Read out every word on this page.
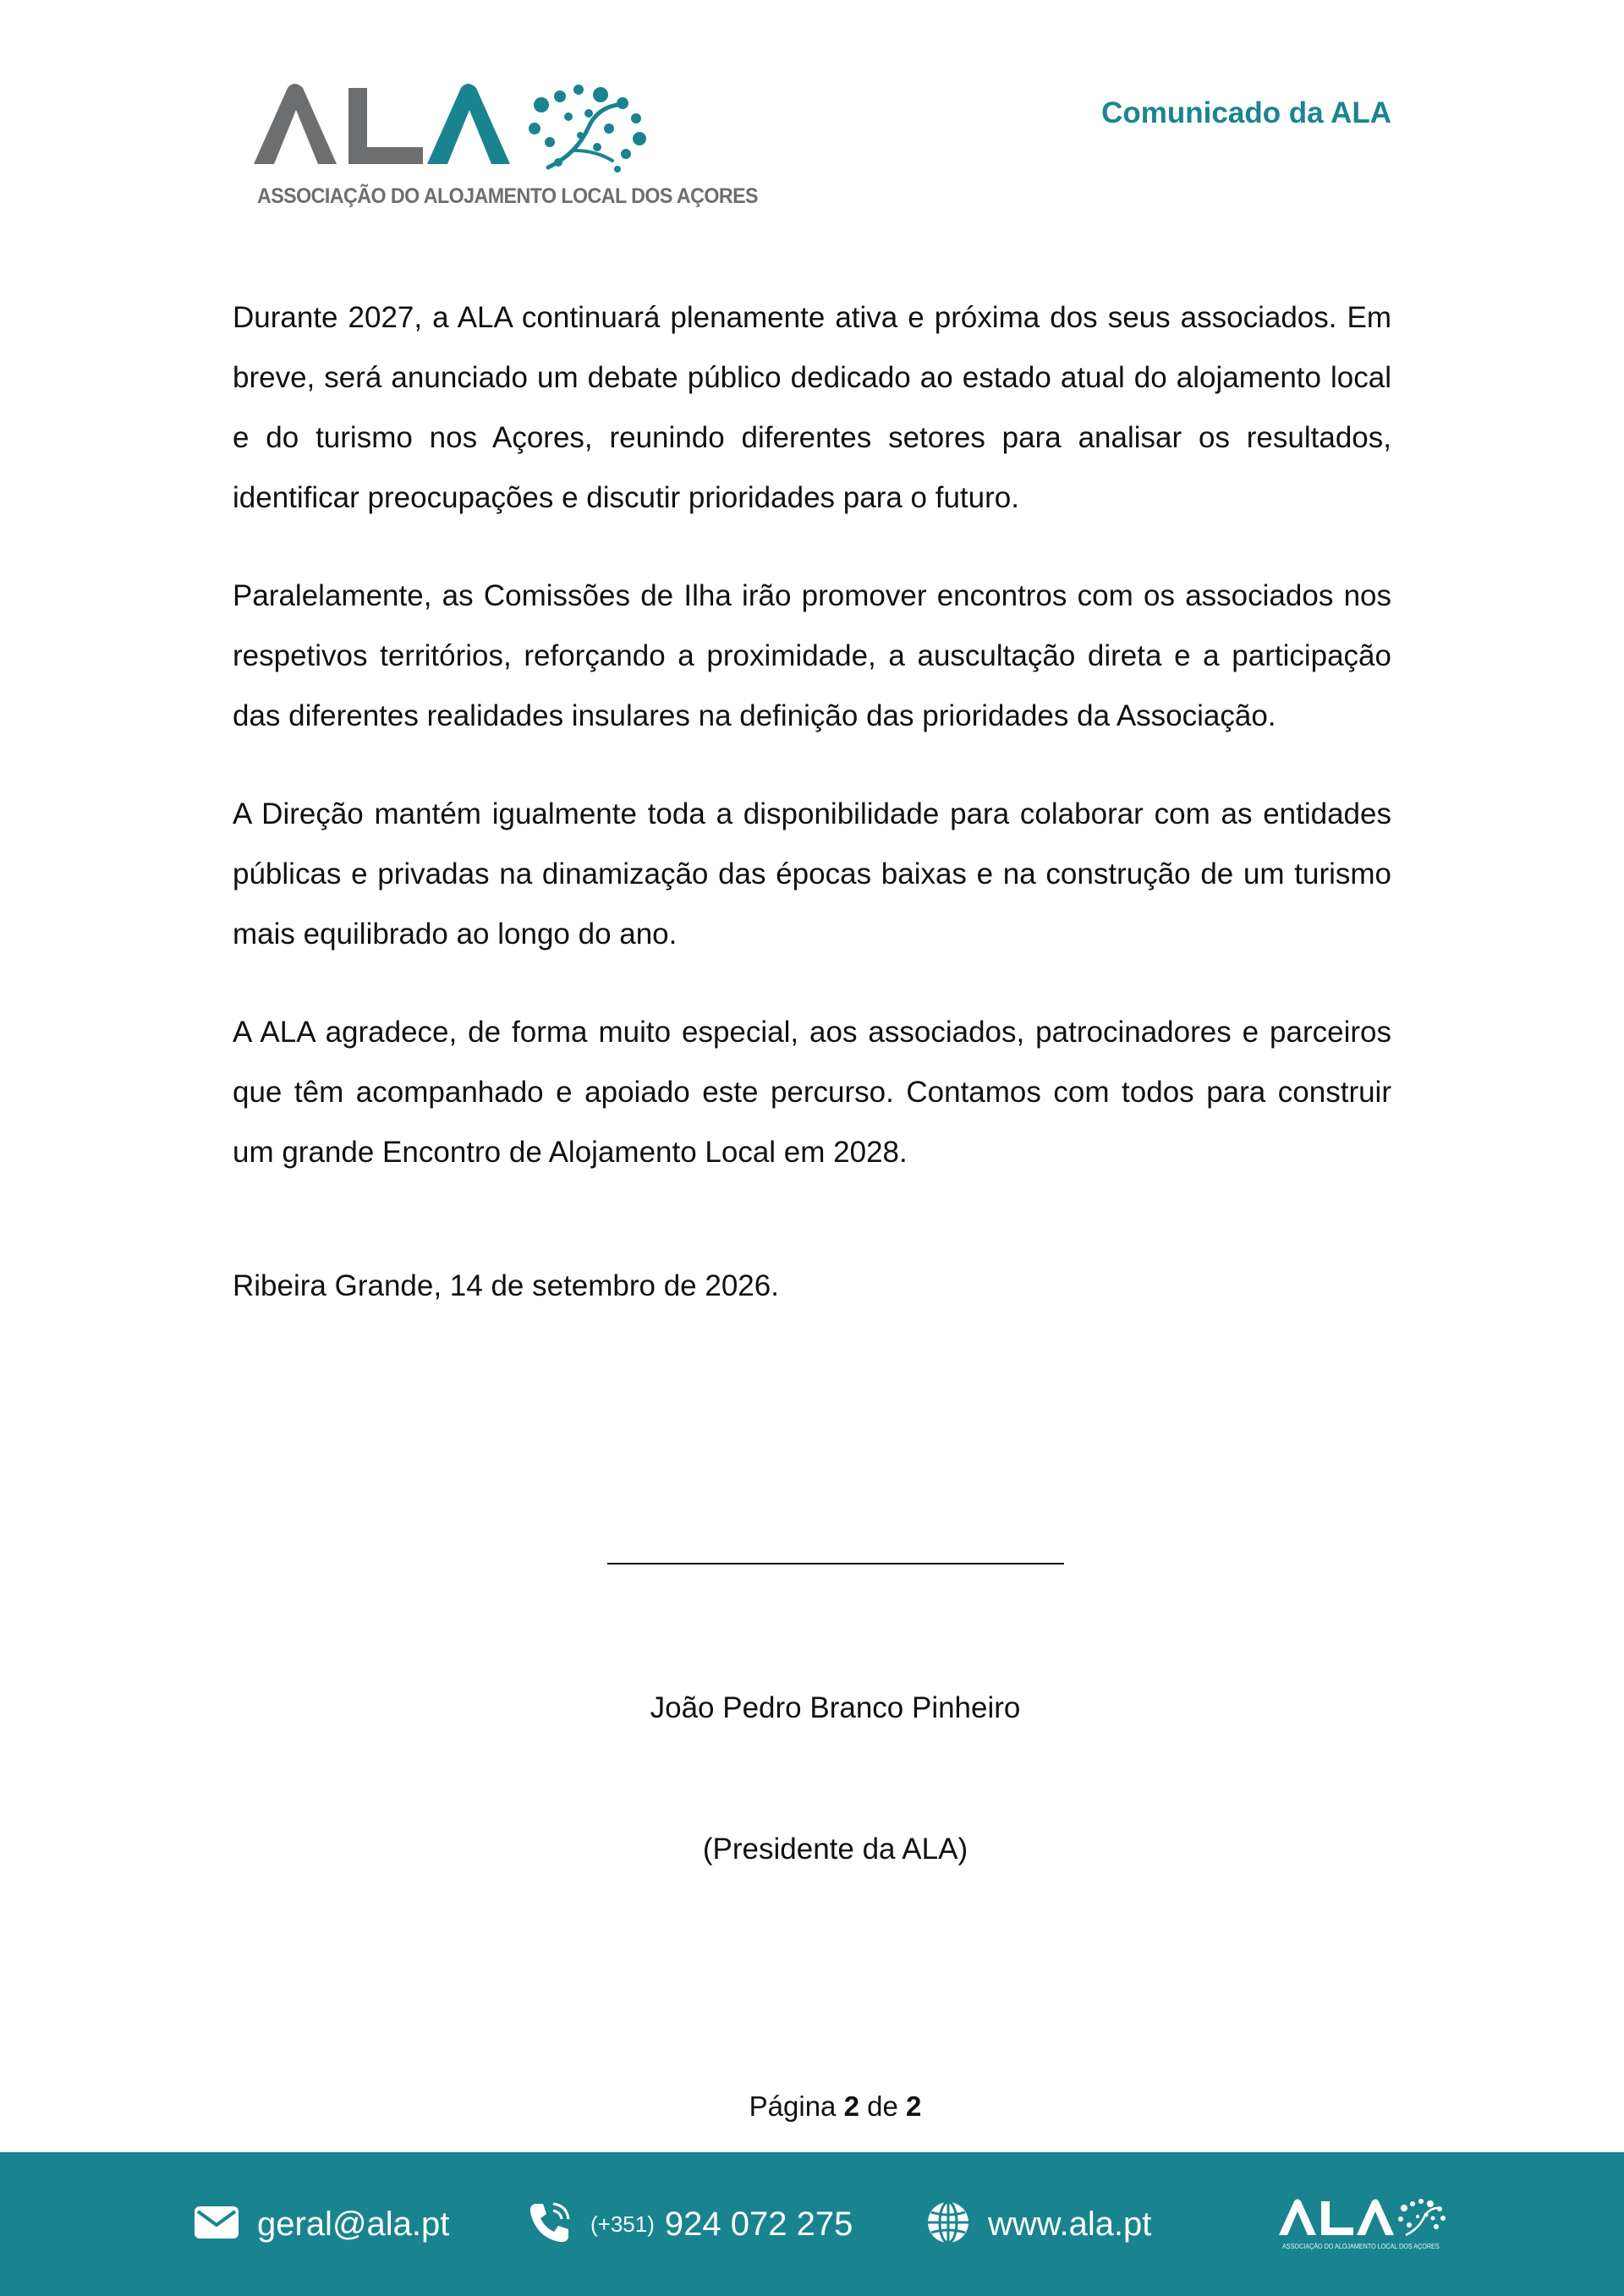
ASSOCIAÇÃO DO ALOJAMENTO LOCAL DOS AÇORES
Comunicado da ALA

Durante 2027, a ALA continuará plenamente ativa e próxima dos seus associados. Em breve, será anunciado um debate público dedicado ao estado atual do alojamento local e do turismo nos Açores, reunindo diferentes setores para analisar os resultados, identificar preocupações e discutir prioridades para o futuro.

Paralelamente, as Comissões de Ilha irão promover encontros com os associados nos respetivos territórios, reforçando a proximidade, a auscultação direta e a participação das diferentes realidades insulares na definição das prioridades da Associação.

A Direção mantém igualmente toda a disponibilidade para colaborar com as entidades públicas e privadas na dinamização das épocas baixas e na construção de um turismo mais equilibrado ao longo do ano.

A ALA agradece, de forma muito especial, aos associados, patrocinadores e parceiros que têm acompanhado e apoiado este percurso. Contamos com todos para construir um grande Encontro de Alojamento Local em 2028.

Ribeira Grande, 14 de setembro de 2026.
João Pedro Branco Pinheiro
(Presidente da ALA)
Página 2 de 2
geral@ala.pt	(+351) 924 072 275	www.ala.pt
ASSOCIAÇÃO DO ALOJAMENTO LOCAL DOS AÇORES
